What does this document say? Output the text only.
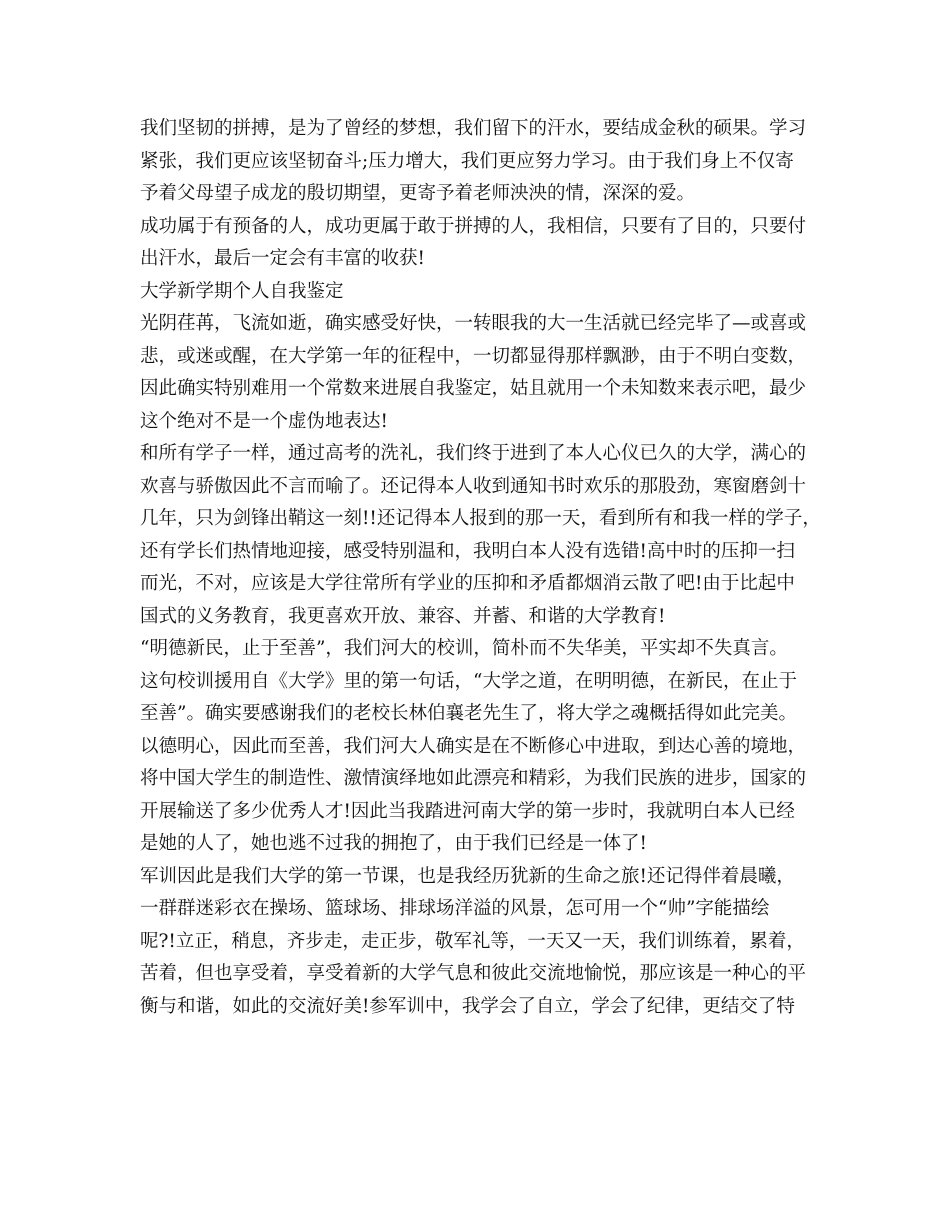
我们坚韧的拼搏，是为了曾经的梦想，我们留下的汗水，要结成金秋的硕果。学习
紧张，我们更应该坚韧奋斗;压力增大，我们更应努力学习。由于我们身上不仅寄
予着父母望子成龙的殷切期望，更寄予着老师泱泱的情，深深的爱。
成功属于有预备的人，成功更属于敢于拼搏的人，我相信，只要有了目的，只要付
出汗水，最后一定会有丰富的收获!
大学新学期个人自我鉴定
光阴荏苒，飞流如逝，确实感受好快，一转眼我的大一生活就已经完毕了—或喜或
悲，或迷或醒，在大学第一年的征程中，一切都显得那样飘渺，由于不明白变数，
因此确实特别难用一个常数来进展自我鉴定，姑且就用一个未知数来表示吧，最少
这个绝对不是一个虚伪地表达!
和所有学子一样，通过高考的洗礼，我们终于进到了本人心仪已久的大学，满心的
欢喜与骄傲因此不言而喻了。还记得本人收到通知书时欢乐的那股劲，寒窗磨剑十
几年，只为剑锋出鞘这一刻!!还记得本人报到的那一天，看到所有和我一样的学子，
还有学长们热情地迎接，感受特别温和，我明白本人没有选错!高中时的压抑一扫
而光，不对，应该是大学往常所有学业的压抑和矛盾都烟消云散了吧!由于比起中
国式的义务教育，我更喜欢开放、兼容、并蓄、和谐的大学教育!
“明德新民，止于至善”，我们河大的校训，简朴而不失华美，平实却不失真言。
这句校训援用自《大学》里的第一句话，“大学之道，在明明德，在新民，在止于
至善”。确实要感谢我们的老校长林伯襄老先生了，将大学之魂概括得如此完美。
以德明心，因此而至善，我们河大人确实是在不断修心中进取，到达心善的境地，
将中国大学生的制造性、激情演绎地如此漂亮和精彩，为我们民族的进步，国家的
开展输送了多少优秀人才!因此当我踏进河南大学的第一步时，我就明白本人已经
是她的人了，她也逃不过我的拥抱了，由于我们已经是一体了!
军训因此是我们大学的第一节课，也是我经历犹新的生命之旅!还记得伴着晨曦，
一群群迷彩衣在操场、篮球场、排球场洋溢的风景，怎可用一个“帅”字能描绘
呢?!立正，稍息，齐步走，走正步，敬军礼等，一天又一天，我们训练着，累着，
苦着，但也享受着，享受着新的大学气息和彼此交流地愉悦，那应该是一种心的平
衡与和谐，如此的交流好美!参军训中，我学会了自立，学会了纪律，更结交了特
